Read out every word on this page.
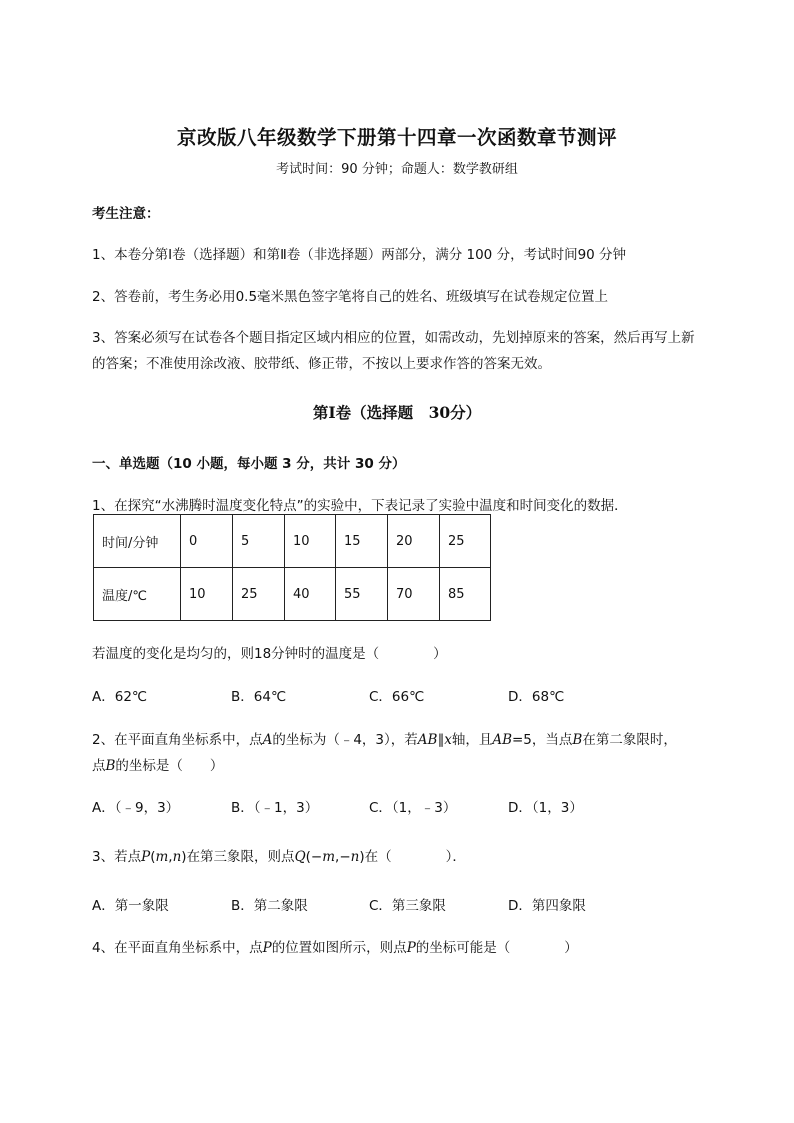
京改版八年级数学下册第十四章一次函数章节测评
考试时间：90 分钟；命题人：数学教研组
考生注意：
1、本卷分第Ⅰ卷（选择题）和第Ⅱ卷（非选择题）两部分，满分 100 分，考试时间90 分钟
2、答卷前，考生务必用0.5毫米黑色签字笔将自己的姓名、班级填写在试卷规定位置上
3、答案必须写在试卷各个题目指定区域内相应的位置，如需改动，先划掉原来的答案，然后再写上新
的答案；不准使用涂改液、胶带纸、修正带，不按以上要求作答的答案无效。
第Ⅰ卷（选择题　30分）
一、单选题（10 小题，每小题 3 分，共计 30 分）
1、在探究“水沸腾时温度变化特点”的实验中，下表记录了实验中温度和时间变化的数据．
时间/分钟	0	5	10	15	20	25
温度/℃	10	25	40	55	70	85
若温度的变化是均匀的，则18分钟时的温度是（　　　　）
A．62℃	B．64℃	C．66℃	D．68℃
2、在平面直角坐标系中，点A的坐标为（﹣4，3），若AB∥x轴，且AB=5，当点B在第二象限时，
点B的坐标是（　　）
A．（﹣9，3）	B．（﹣1，3）	C．（1，﹣3）	D．（1，3）
3、若点P(m,n)在第三象限，则点Q(−m,−n)在（　　　　）．
A．第一象限	B．第二象限	C．第三象限	D．第四象限
4、在平面直角坐标系中，点P的位置如图所示，则点P的坐标可能是（　　　　）
